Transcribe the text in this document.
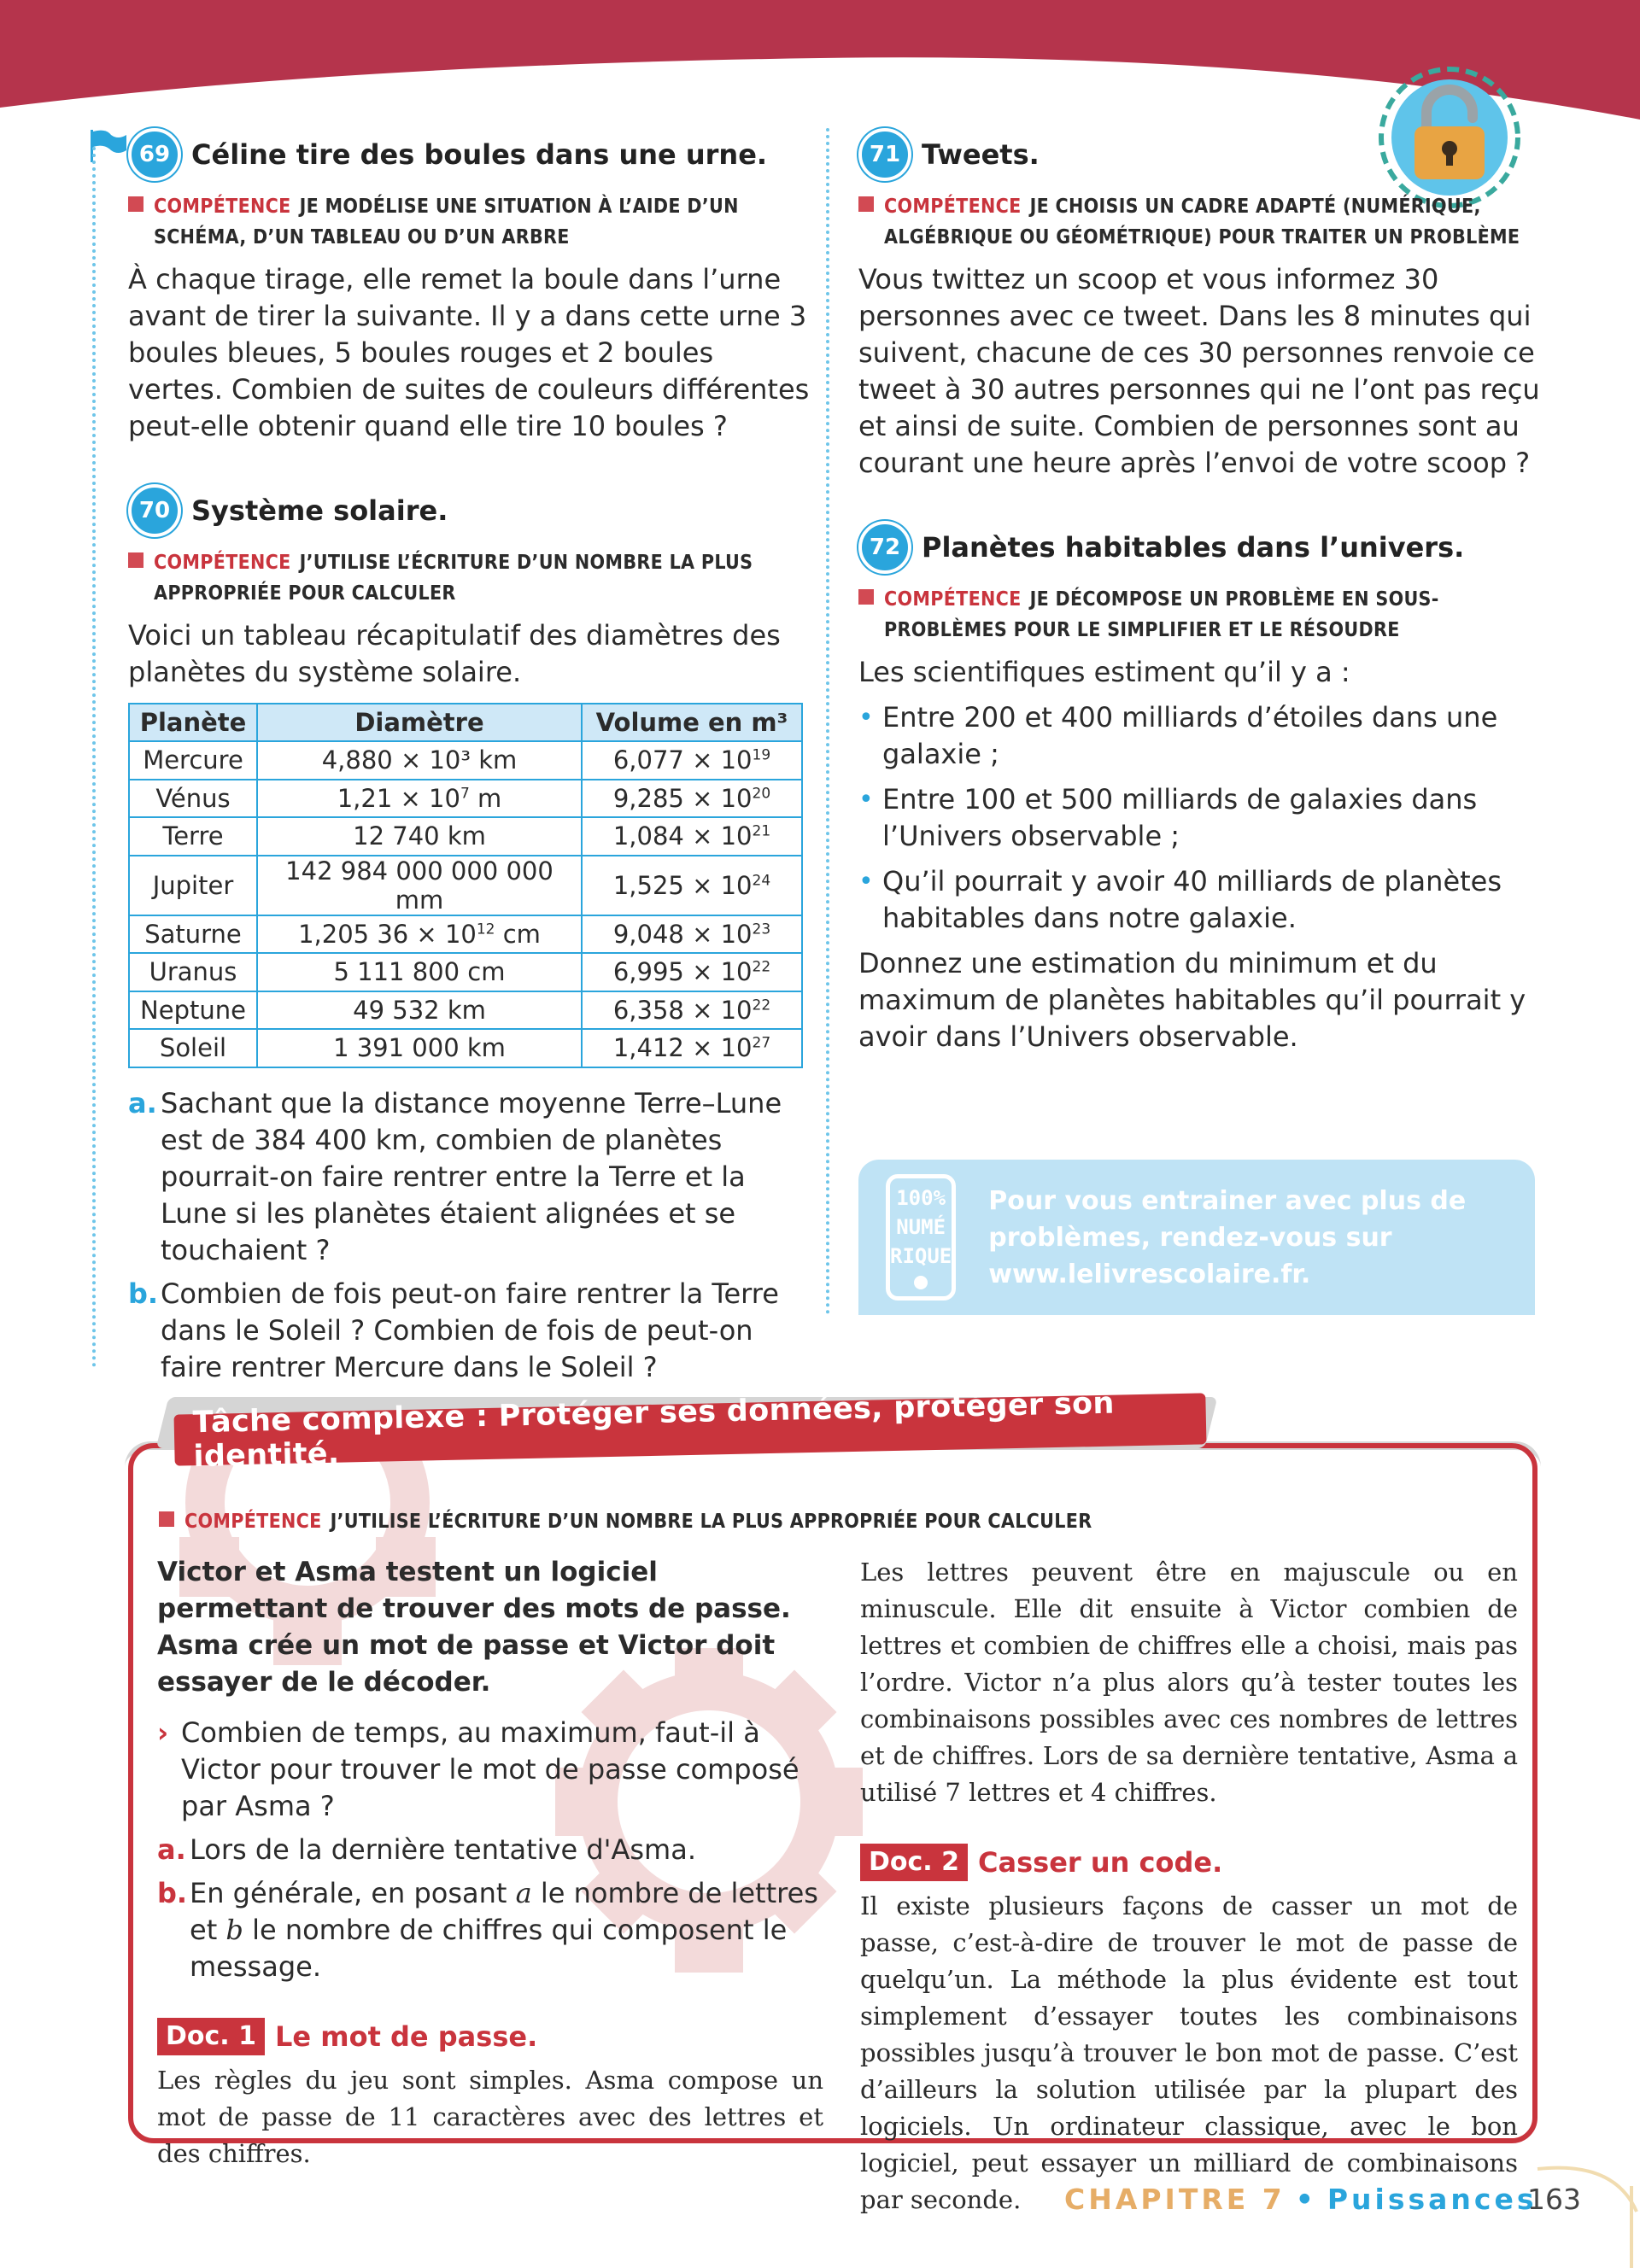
69 Céline tire des boules dans une urne.
COMPÉTENCE JE MODÉLISE UNE SITUATION À L’AIDE D’UN SCHÉMA, D’UN TABLEAU OU D’UN ARBRE

À chaque tirage, elle remet la boule dans l’urne avant de tirer la suivante. Il y a dans cette urne 3 boules bleues, 5 boules rouges et 2 boules vertes. Combien de suites de couleurs différentes peut-elle obtenir quand elle tire 10 boules ?

70 Système solaire.
COMPÉTENCE J’UTILISE L’ÉCRITURE D’UN NOMBRE LA PLUS APPROPRIÉE POUR CALCULER

Voici un tableau récapitulatif des diamètres des planètes du système solaire.

Planète	Diamètre	Volume en m³
Mercure	4,880 × 10³ km	$6,077 \times 10^{19}$
Vénus	$1,21 \times 10^7$ m	$9,285 \times 10^{20}$
Terre	12 740 km	$1,084 \times 10^{21}$
Jupiter	142 984 000 000 000 mm	$1,525 \times 10^{24}$
Saturne	1,205 $36 \times 10^{12}$ cm	$9,048 \times 10^{23}$
Uranus	5 111 800 cm	$6,995 \times 10^{22}$
Neptune	49 532 km	$6,358 \times 10^{22}$
Soleil	1 391 000 km	$1,412 \times 10^{27}$
a. Sachant que la distance moyenne Terre–Lune est de 384 400 km, combien de planètes pourrait-on faire rentrer entre la Terre et la Lune si les planètes étaient alignées et se touchaient ?
b. Combien de fois peut-on faire rentrer la Terre dans le Soleil ? Combien de fois de peut-on faire rentrer Mercure dans le Soleil ?
71 Tweets.
COMPÉTENCE JE CHOISIS UN CADRE ADAPTÉ (NUMÉRIQUE, ALGÉBRIQUE OU GÉOMÉTRIQUE) POUR TRAITER UN PROBLÈME

Vous twittez un scoop et vous informez 30 personnes avec ce tweet. Dans les 8 minutes qui suivent, chacune de ces 30 personnes renvoie ce tweet à 30 autres personnes qui ne l’ont pas reçu et ainsi de suite. Combien de personnes sont au courant une heure après l’envoi de votre scoop ?

72 Planètes habitables dans l’univers.
COMPÉTENCE JE DÉCOMPOSE UN PROBLÈME EN SOUS-PROBLÈMES POUR LE SIMPLIFIER ET LE RÉSOUDRE

Les scientifiques estiment qu’il y a :

• Entre 200 et 400 milliards d’étoiles dans une galaxie ;
• Entre 100 et 500 milliards de galaxies dans l’Univers observable ;
• Qu’il pourrait y avoir 40 milliards de planètes habitables dans notre galaxie.

Donnez une estimation du minimum et du maximum de planètes habitables qu’il pourrait y avoir dans l’Univers observable.

100%
NUMÉ
RIQUE
Pour vous entrainer avec plus de problèmes, rendez-vous sur www.lelivrescolaire.fr.
Tâche complexe : Protéger ses données, protéger son identité.
COMPÉTENCE J’UTILISE L’ÉCRITURE D’UN NOMBRE LA PLUS APPROPRIÉE POUR CALCULER

Victor et Asma testent un logiciel permettant de trouver des mots de passe.

Asma crée un mot de passe et Victor doit essayer de le décoder.

› Combien de temps, au maximum, faut-il à Victor pour trouver le mot de passe composé par Asma ?
a. Lors de la dernière tentative d'Asma.
b. En générale, en posant a le nombre de lettres et b le nombre de chiffres qui composent le message.
Doc. 1 Le mot de passe.

Les règles du jeu sont simples. Asma compose un mot de passe de 11 caractères avec des lettres et des chiffres.

Les lettres peuvent être en majuscule ou en minuscule. Elle dit ensuite à Victor combien de lettres et combien de chiffres elle a choisi, mais pas l’ordre. Victor n’a plus alors qu’à tester toutes les combinaisons possibles avec ces nombres de lettres et de chiffres. Lors de sa dernière tentative, Asma a utilisé 7 lettres et 4 chiffres.

Doc. 2 Casser un code.

Il existe plusieurs façons de casser un mot de passe, c’est-à-dire de trouver le mot de passe de quelqu’un. La méthode la plus évidente est tout simplement d’essayer toutes les combinaisons possibles jusqu’à trouver le bon mot de passe. C’est d’ailleurs la solution utilisée par la plupart des logiciels. Un ordinateur classique, avec le bon logiciel, peut essayer un milliard de combinaisons par seconde.	CHAPITRE 7 • Puissances
163
